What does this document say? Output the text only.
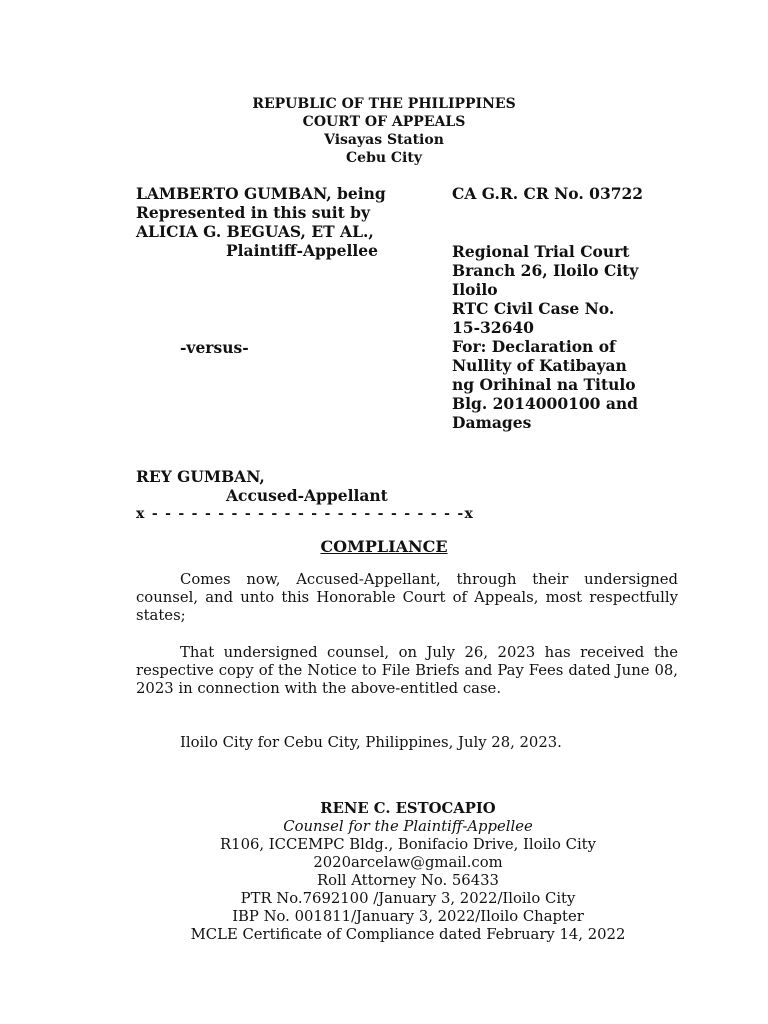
REPUBLIC OF THE PHILIPPINES
COURT OF APPEALS
Visayas Station
Cebu City
LAMBERTO GUMBAN, being
Represented in this suit by
ALICIA G. BEGUAS, ET AL.,
Plaintiff-Appellee
-versus-
REY GUMBAN,
Accused-Appellant
CA G.R. CR No. 03722
Regional Trial Court
Branch 26, Iloilo City
Iloilo
RTC Civil Case No.
15-32640
For: Declaration of
Nullity of Katibayan
ng Orihinal na Titulo
Blg. 2014000100 and
Damages
x - - - - - - - - - - - - - - - - - - - - - - - -x
COMPLIANCE
Comes now, Accused-Appellant, through their undersigned counsel, and unto this Honorable Court of Appeals, most respectfully states;
That undersigned counsel, on July 26, 2023 has received the respective copy of the Notice to File Briefs and Pay Fees dated June 08, 2023 in connection with the above-entitled case.
Iloilo City for Cebu City, Philippines, July 28, 2023.
RENE C. ESTOCAPIO
Counsel for the Plaintiff-Appellee
R106, ICCEMPC Bldg., Bonifacio Drive, Iloilo City
2020arcelaw@gmail.com
Roll Attorney No. 56433
PTR No.7692100 /January 3, 2022/Iloilo City
IBP No. 001811/January 3, 2022/Iloilo Chapter
MCLE Certificate of Compliance dated February 14, 2022
